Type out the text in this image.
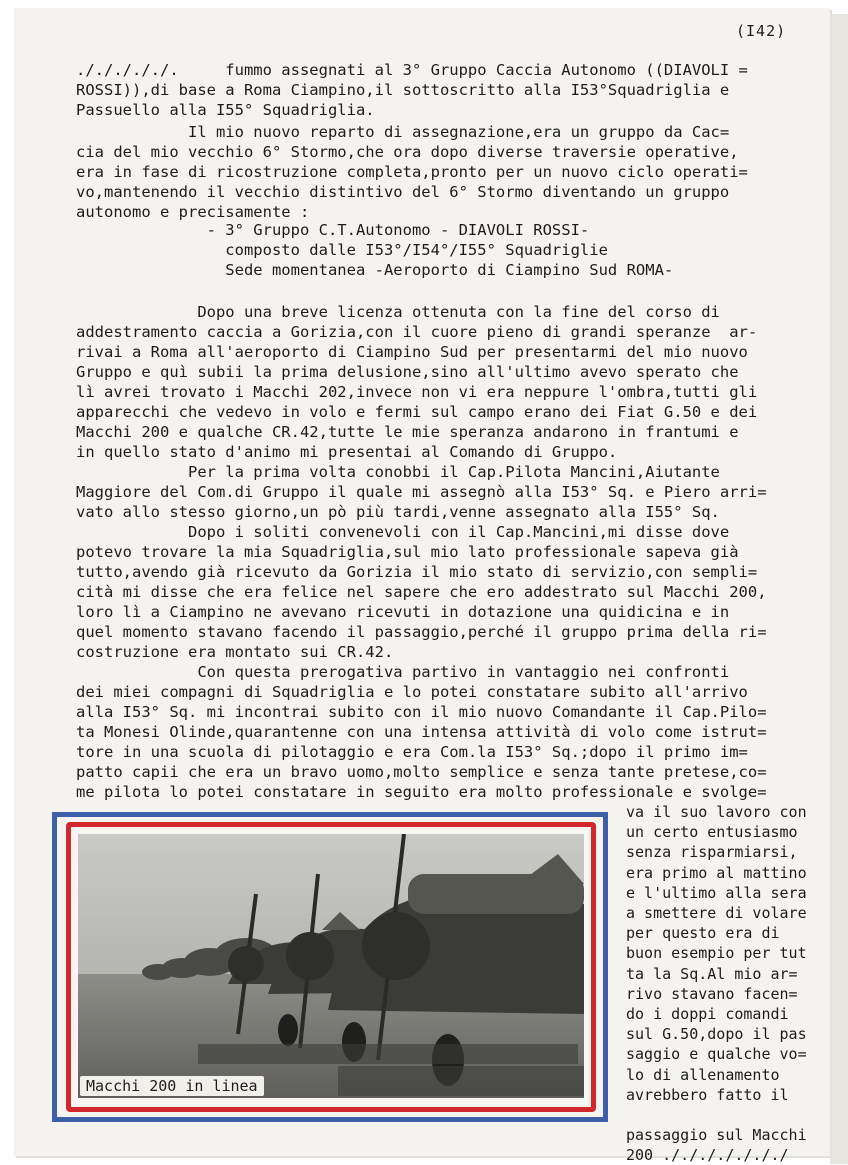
(I42)
./././././.     fummo assegnati al 3° Gruppo Caccia Autonomo ((DIAVOLI =
ROSSI)),di base a Roma Ciampino,il sottoscritto alla I53°Squadriglia e
Passuello alla I55° Squadriglia.
Il mio nuovo reparto di assegnazione,era un gruppo da Cac=
cia del mio vecchio 6° Stormo,che ora dopo diverse traversie operative,
era in fase di ricostruzione completa,pronto per un nuovo ciclo operati=
vo,mantenendo il vecchio distintivo del 6° Stormo diventando un gruppo
autonomo e precisamente :
- 3° Gruppo C.T.Autonomo - DIAVOLI ROSSI-
composto dalle I53°/I54°/I55° Squadriglie
Sede momentanea -Aeroporto di Ciampino Sud ROMA-
Dopo una breve licenza ottenuta con la fine del corso di
addestramento caccia a Gorizia,con il cuore pieno di grandi speranze  ar-
rivai a Roma all'aeroporto di Ciampino Sud per presentarmi del mio nuovo
Gruppo e quì subii la prima delusione,sino all'ultimo avevo sperato che
lì avrei trovato i Macchi 202,invece non vi era neppure l'ombra,tutti gli
apparecchi che vedevo in volo e fermi sul campo erano dei Fiat G.50 e dei
Macchi 200 e qualche CR.42,tutte le mie speranza andarono in frantumi e
in quello stato d'animo mi presentai al Comando di Gruppo.
Per la prima volta conobbi il Cap.Pilota Mancini,Aiutante
Maggiore del Com.di Gruppo il quale mi assegnò alla I53° Sq. e Piero arri=
vato allo stesso giorno,un pò più tardi,venne assegnato alla I55° Sq.
Dopo i soliti convenevoli con il Cap.Mancini,mi disse dove
potevo trovare la mia Squadriglia,sul mio lato professionale sapeva già
tutto,avendo già ricevuto da Gorizia il mio stato di servizio,con sempli=
cità mi disse che era felice nel sapere che ero addestrato sul Macchi 200,
loro lì a Ciampino ne avevano ricevuti in dotazione una quidicina e in
quel momento stavano facendo il passaggio,perché il gruppo prima della ri=
costruzione era montato sui CR.42.
Con questa prerogativa partivo in vantaggio nei confronti
dei miei compagni di Squadriglia e lo potei constatare subito all'arrivo
alla I53° Sq. mi incontrai subito con il mio nuovo Comandante il Cap.Pilo=
ta Monesi Olinde,quarantenne con una intensa attività di volo come istrut=
tore in una scuola di pilotaggio e era Com.la I53° Sq.;dopo il primo im=
patto capii che era un bravo uomo,molto semplice e senza tante pretese,co=
me pilota lo potei constatare in seguito era molto professionale e svolge=
va il suo lavoro con
un certo entusiasmo
senza risparmiarsi,
era primo al mattino
e l'ultimo alla sera
a smettere di volare
per questo era di
buon esempio per tut
ta la Sq.Al mio ar=
rivo stavano facen=
do i doppi comandi
sul G.50,dopo il pas
saggio e qualche vo=
lo di allenamento
avrebbero fatto il
passaggio sul Macchi
200 ./././././././
Macchi 200 in linea
